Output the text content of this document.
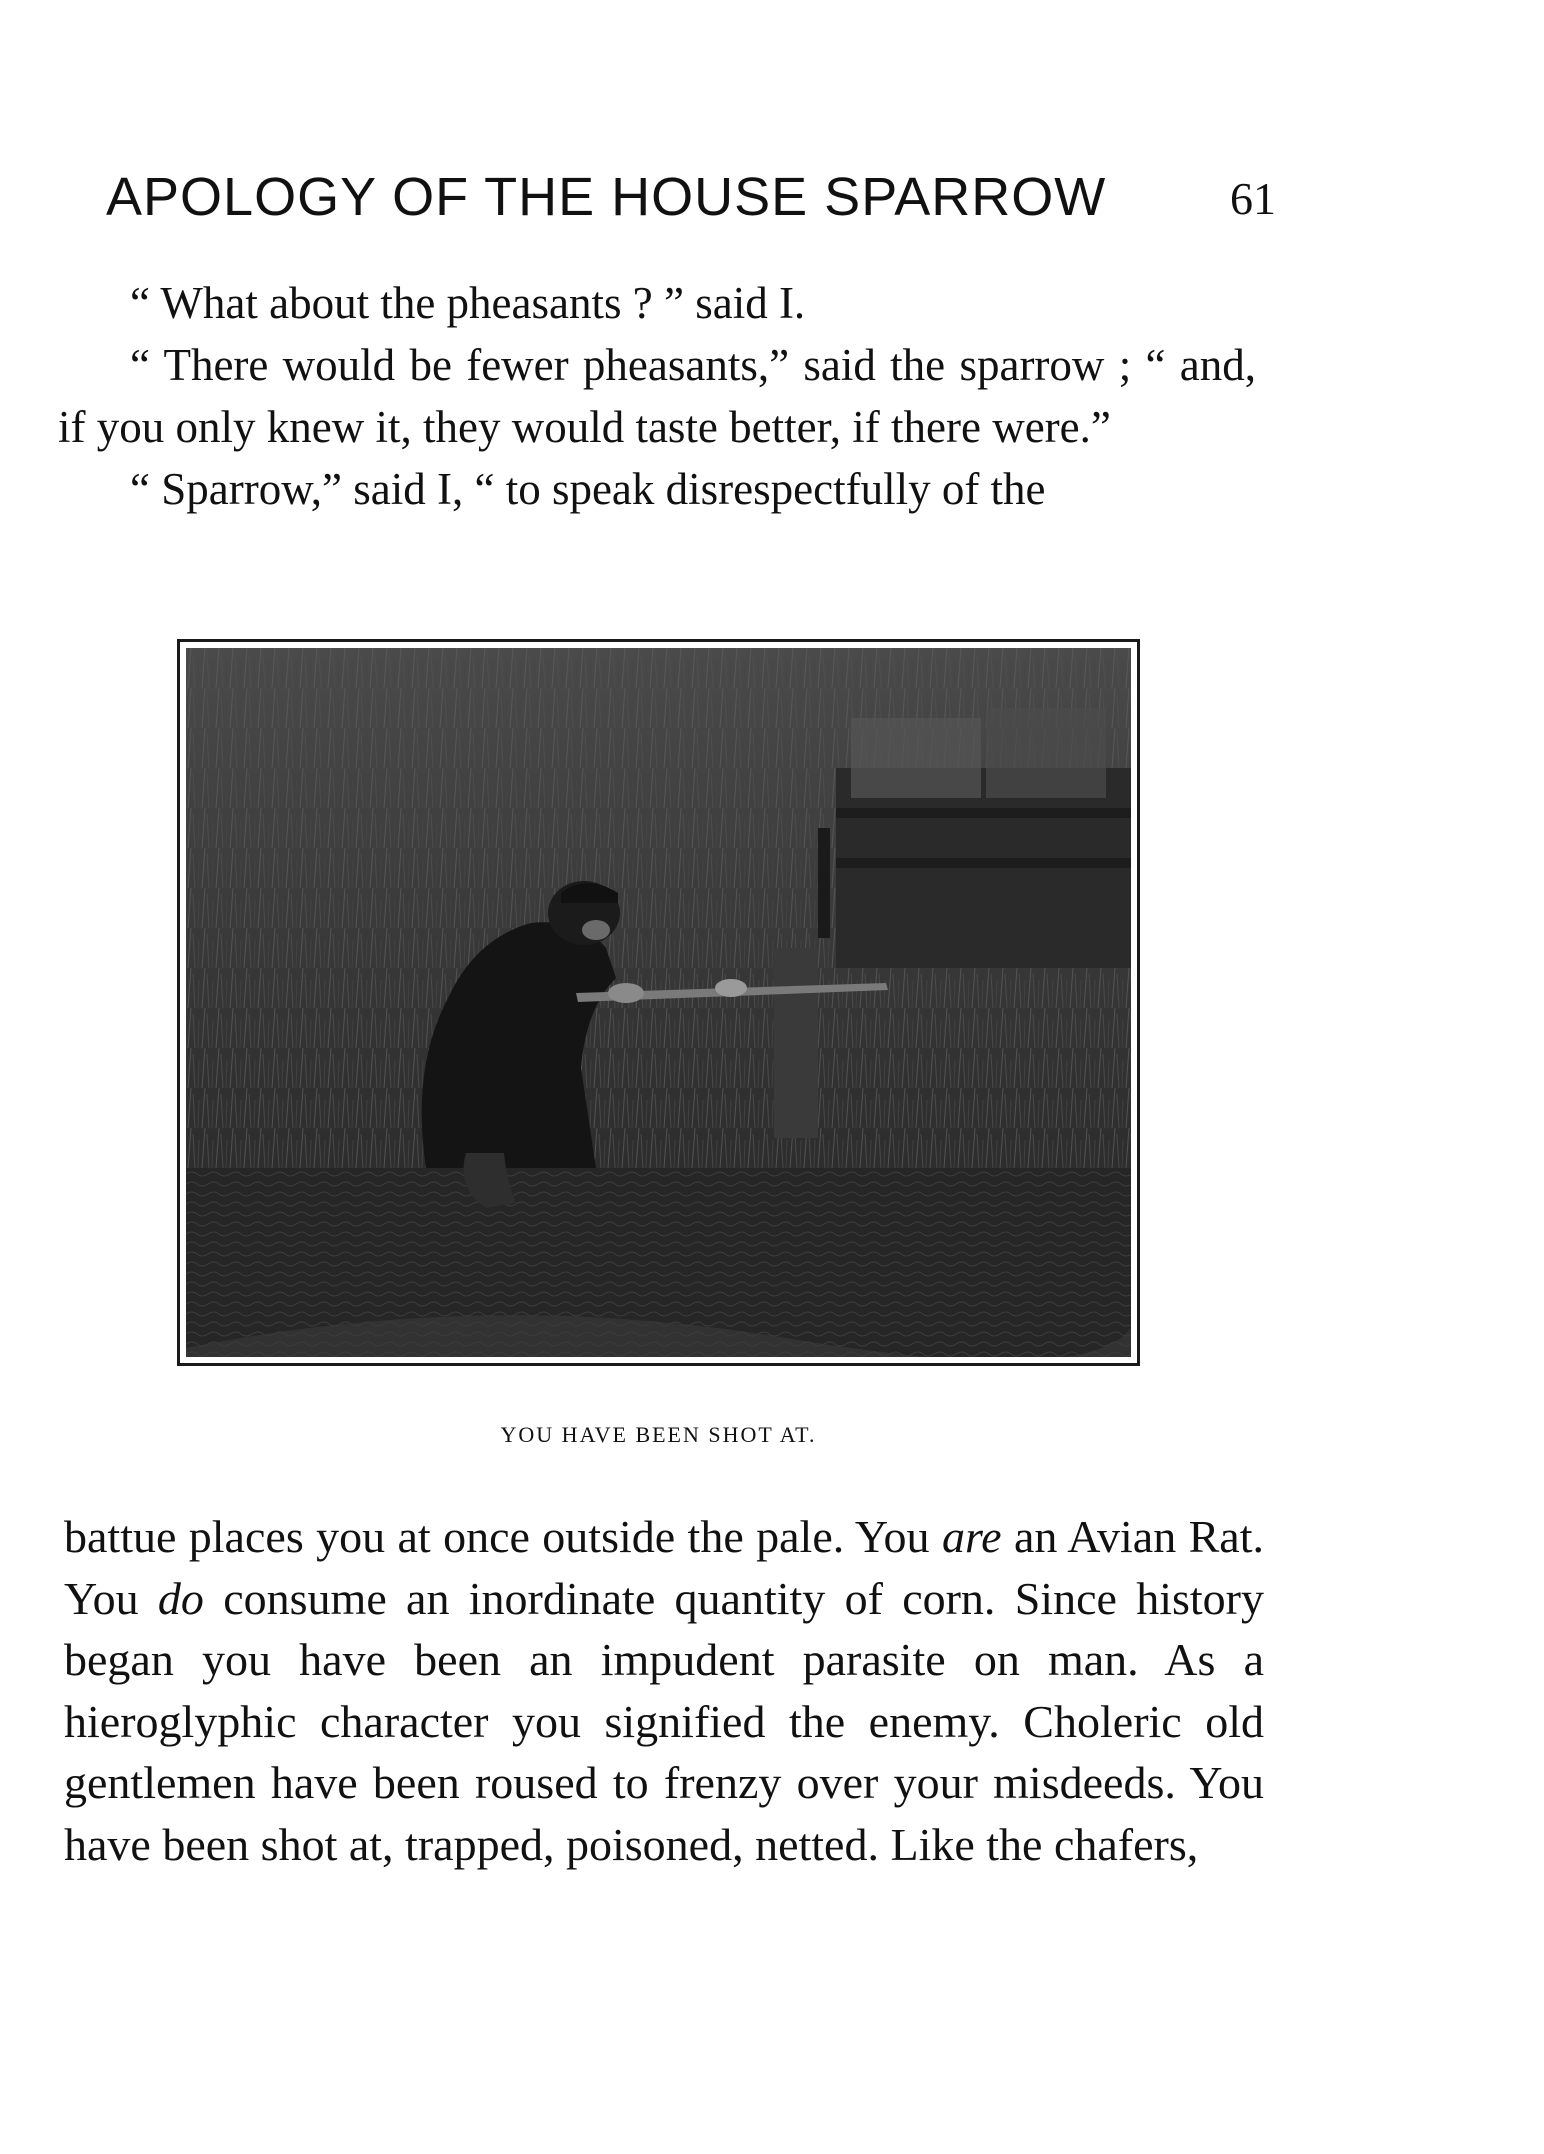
APOLOGY OF THE HOUSE SPARROW	61

“ What about the pheasants ? ” said I.

“ There would be fewer pheasants,” said the sparrow ; “ and, if you only knew it, they would taste better, if there were.”

“ Sparrow,” said I, “ to speak disrespectfully of the

YOU HAVE BEEN SHOT AT.

battue places you at once outside the pale. You are an Avian Rat. You do consume an inordinate quantity of corn. Since history began you have been an impudent parasite on man. As a hieroglyphic character you signified the enemy. Choleric old gentlemen have been roused to frenzy over your misdeeds. You have been shot at, trapped, poisoned, netted. Like the chafers,
